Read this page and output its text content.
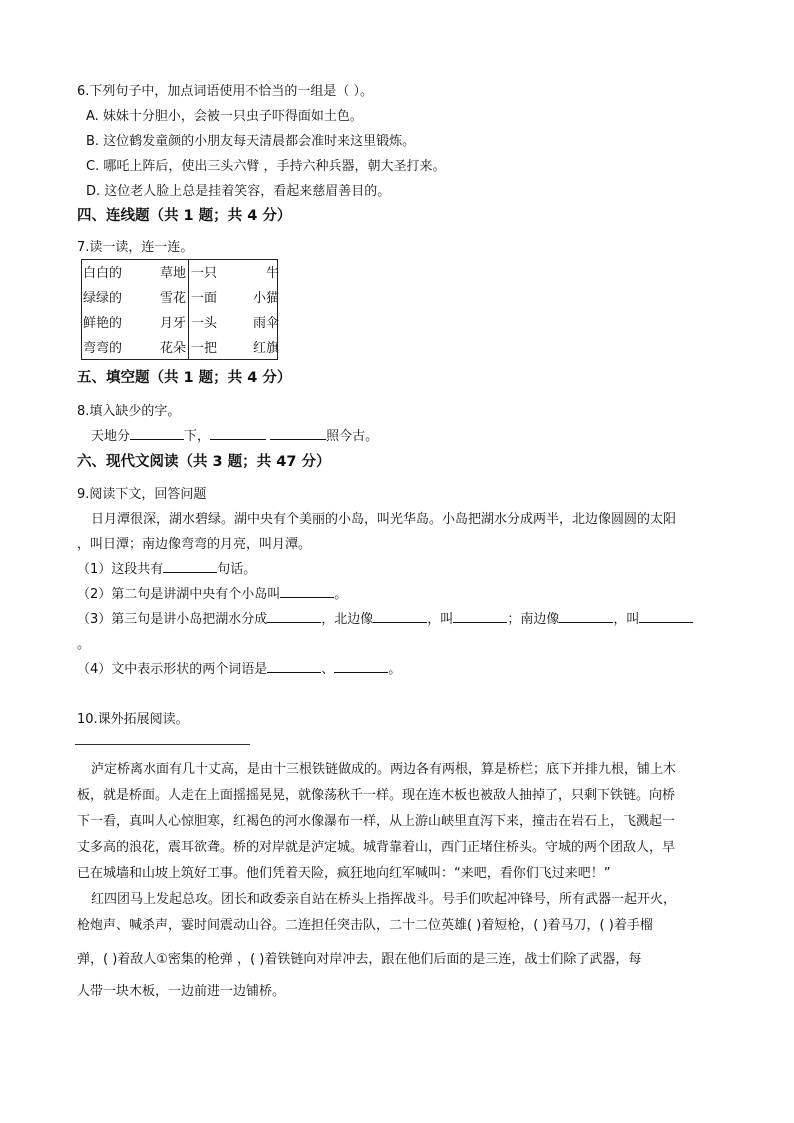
6.下列句子中，加点词语使用不恰当的一组是（ ）。
A. 妹妹十分胆小，会被一只虫子吓得面如土色。
B. 这位鹤发童颜的小朋友每天清晨都会准时来这里锻炼。
C. 哪吒上阵后，使出三头六臂 ，手持六种兵器，朝大圣打来。
D. 这位老人脸上总是挂着笑容，看起来慈眉善目的。
四、连线题（共 1 题；共 4 分）
7.读一读，连一连。
白白的 草地	一只 牛

绿绿的 雪花	一面 小猫

鲜艳的 月牙	一头 雨伞

弯弯的 花朵	一把 红旗
五、填空题（共 1 题；共 4 分）
8.填入缺少的字。
天地分	下，	照今古。
六、现代文阅读（共 3 题；共 47 分）
9.阅读下文，回答问题
日月潭很深，湖水碧绿。湖中央有个美丽的小岛，叫光华岛。小岛把湖水分成两半，北边像圆圆的太阳
，叫日潭；南边像弯弯的月亮，叫月潭。
（1）这段共有	句话。
（2）第二句是讲湖中央有个小岛叫	。
（3）第三句是讲小岛把湖水分成	，北边像	，叫	；南边像	，叫
。
（4）文中表示形状的两个词语是	、	。
10.课外拓展阅读。
泸定桥离水面有几十丈高，是由十三根铁链做成的。两边各有两根，算是桥栏；底下并排九根，铺上木
板，就是桥面。人走在上面摇摇晃晃，就像荡秋千一样。现在连木板也被敌人抽掉了，只剩下铁链。向桥
下一看，真叫人心惊胆寒，红褐色的河水像瀑布一样，从上游山峡里直泻下来，撞击在岩石上，飞溅起一
丈多高的浪花，震耳欲聋。桥的对岸就是泸定城。城背靠着山，西门正堵住桥头。守城的两个团敌人，早
已在城墙和山坡上筑好工事。他们凭着天险，疯狂地向红军喊叫：“来吧，看你们飞过来吧！”
红四团马上发起总攻。团长和政委亲自站在桥头上指挥战斗。号手们吹起冲锋号，所有武器一起开火，
枪炮声、喊杀声，霎时间震动山谷。二连担任突击队，二十二位英雄( )着短枪，( )着马刀，( )着手榴
弹，( )着敌人①密集的枪弹 ，( )着铁链向对岸冲去，跟在他们后面的是三连，战士们除了武器，每
人带一块木板，一边前进一边铺桥。
